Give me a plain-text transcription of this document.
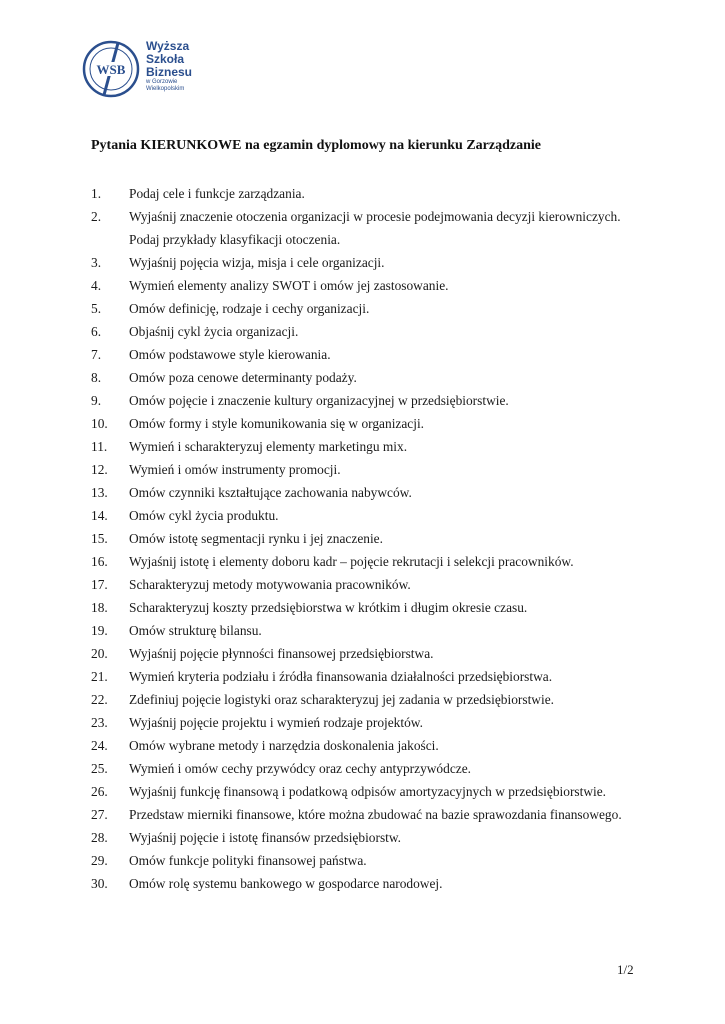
WSB
Wyższa
Szkoła
Biznesu
w Gorzowie
Wielkopolskim
Pytania KIERUNKOWE na egzamin dyplomowy na kierunku Zarządzanie
1.	Podaj cele i funkcje zarządzania.
2.	Wyjaśnij znaczenie otoczenia organizacji w procesie podejmowania decyzji kierowniczych. Podaj przykłady klasyfikacji otoczenia.
3.	Wyjaśnij pojęcia wizja, misja i cele organizacji.
4.	Wymień elementy analizy SWOT i omów jej zastosowanie.
5.	Omów definicję, rodzaje i cechy organizacji.
6.	Objaśnij cykl życia organizacji.
7.	Omów podstawowe style kierowania.
8.	Omów poza cenowe determinanty podaży.
9.	Omów pojęcie i znaczenie kultury organizacyjnej w przedsiębiorstwie.
10.	Omów formy i style komunikowania się w organizacji.
11.	Wymień i scharakteryzuj elementy marketingu mix.
12.	Wymień i omów instrumenty promocji.
13.	Omów czynniki kształtujące zachowania nabywców.
14.	Omów cykl życia produktu.
15.	Omów istotę segmentacji rynku i jej znaczenie.
16.	Wyjaśnij istotę i elementy doboru kadr – pojęcie rekrutacji i selekcji pracowników.
17.	Scharakteryzuj metody motywowania pracowników.
18.	Scharakteryzuj koszty przedsiębiorstwa w krótkim i długim okresie czasu.
19.	Omów strukturę bilansu.
20.	Wyjaśnij pojęcie płynności finansowej przedsiębiorstwa.
21.	Wymień kryteria podziału i źródła finansowania działalności przedsiębiorstwa.
22.	Zdefiniuj pojęcie logistyki oraz scharakteryzuj jej zadania w przedsiębiorstwie.
23.	Wyjaśnij pojęcie projektu i wymień rodzaje projektów.
24.	Omów wybrane metody i narzędzia doskonalenia jakości.
25.	Wymień i omów cechy przywódcy oraz cechy antyprzywódcze.
26.	Wyjaśnij funkcję finansową i podatkową odpisów amortyzacyjnych w przedsiębiorstwie.
27.	Przedstaw mierniki finansowe, które można zbudować na bazie sprawozdania finansowego.
28.	Wyjaśnij pojęcie i istotę finansów przedsiębiorstw.
29.	Omów funkcje polityki finansowej państwa.
30.	Omów rolę systemu bankowego w gospodarce narodowej.
1/2
